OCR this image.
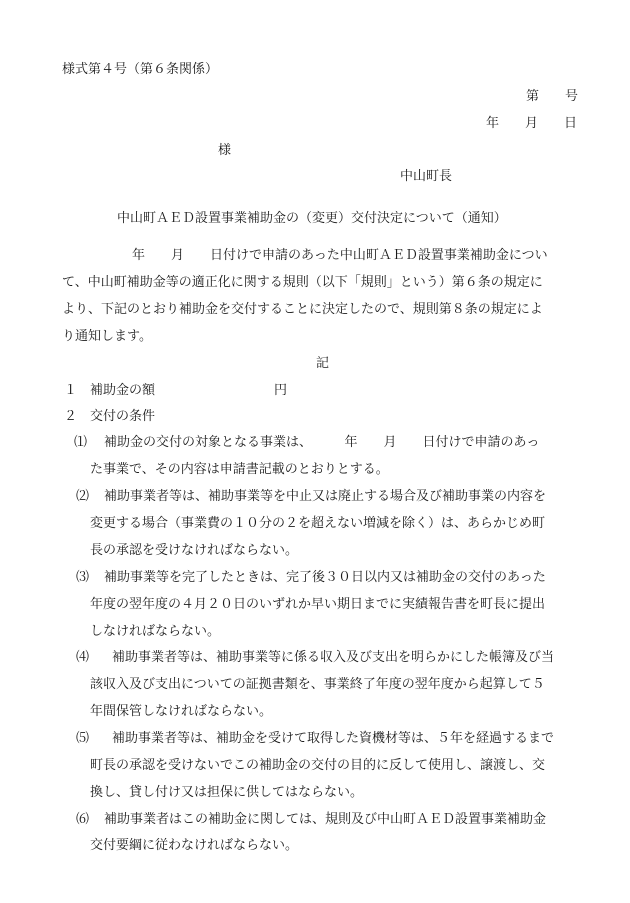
様式第４号（第６条関係）
第　　号
年　　月　　日
様
中山町長
中山町ＡＥＤ設置事業補助金の（変更）交付決定について（通知）
年　　月　　日付けで申請のあった中山町ＡＥＤ設置事業補助金につい
て、中山町補助金等の適正化に関する規則（以下「規則」という）第６条の規定に
より、下記のとおり補助金を交付することに決定したので、規則第８条の規定によ
り通知します。
記
１　補助金の額	円
２　交付の条件
⑴ 補助金の交付の対象となる事業は、　　　年　　月　　日付けで申請のあっ
た事業で、その内容は申請書記載のとおりとする。
⑵ 補助事業者等は、補助事業等を中止又は廃止する場合及び補助事業の内容を
変更する場合（事業費の１０分の２を超えない増減を除く）は、あらかじめ町
長の承認を受けなければならない。
⑶ 補助事業等を完了したときは、完了後３０日以内又は補助金の交付のあった
年度の翌年度の４月２０日のいずれか早い期日までに実績報告書を町長に提出
しなければならない。
⑷ 補助事業者等は、補助事業等に係る収入及び支出を明らかにした帳簿及び当
該収入及び支出についての証拠書類を、事業終了年度の翌年度から起算して５
年間保管しなければならない。
⑸ 補助事業者等は、補助金を受けて取得した資機材等は、５年を経過するまで
町長の承認を受けないでこの補助金の交付の目的に反して使用し、譲渡し、交
換し、貸し付け又は担保に供してはならない。
⑹ 補助事業者はこの補助金に関しては、規則及び中山町ＡＥＤ設置事業補助金
交付要綱に従わなければならない。
